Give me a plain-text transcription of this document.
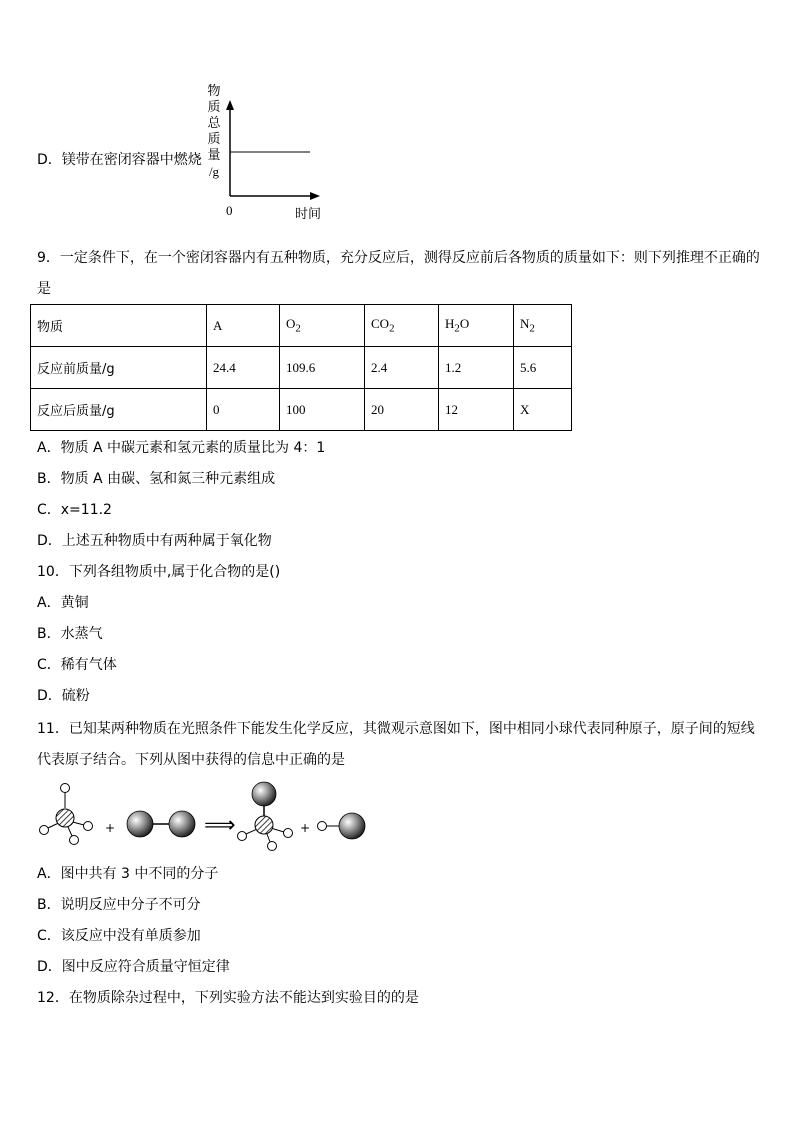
D．镁带在密闭容器中燃烧
物
质
总
质
量
/g
0	时间
9．一定条件下，在一个密闭容器内有五种物质，充分反应后，测得反应前后各物质的质量如下：则下列推理不正确的
是
物质	A	$O_2$	$CO_2$	$H_2O$	$N_2$
反应前质量/g	24.4	109.6	2.4	1.2	5.6
反应后质量/g	0	100	20	12	X
A．物质 A 中碳元素和氢元素的质量比为 4：1
B．物质 A 由碳、氢和氮三种元素组成
C．x=11.2
D．上述五种物质中有两种属于氧化物
10．下列各组物质中,属于化合物的是()
A．黄铜
B．水蒸气
C．稀有气体
D．硫粉
11．已知某两种物质在光照条件下能发生化学反应，其微观示意图如下，图中相同小球代表同种原子，原子间的短线
代表原子结合。下列从图中获得的信息中正确的是
+	⟹	+
A．图中共有 3 中不同的分子
B．说明反应中分子不可分
C．该反应中没有单质参加
D．图中反应符合质量守恒定律
12．在物质除杂过程中，下列实验方法不能达到实验目的的是
